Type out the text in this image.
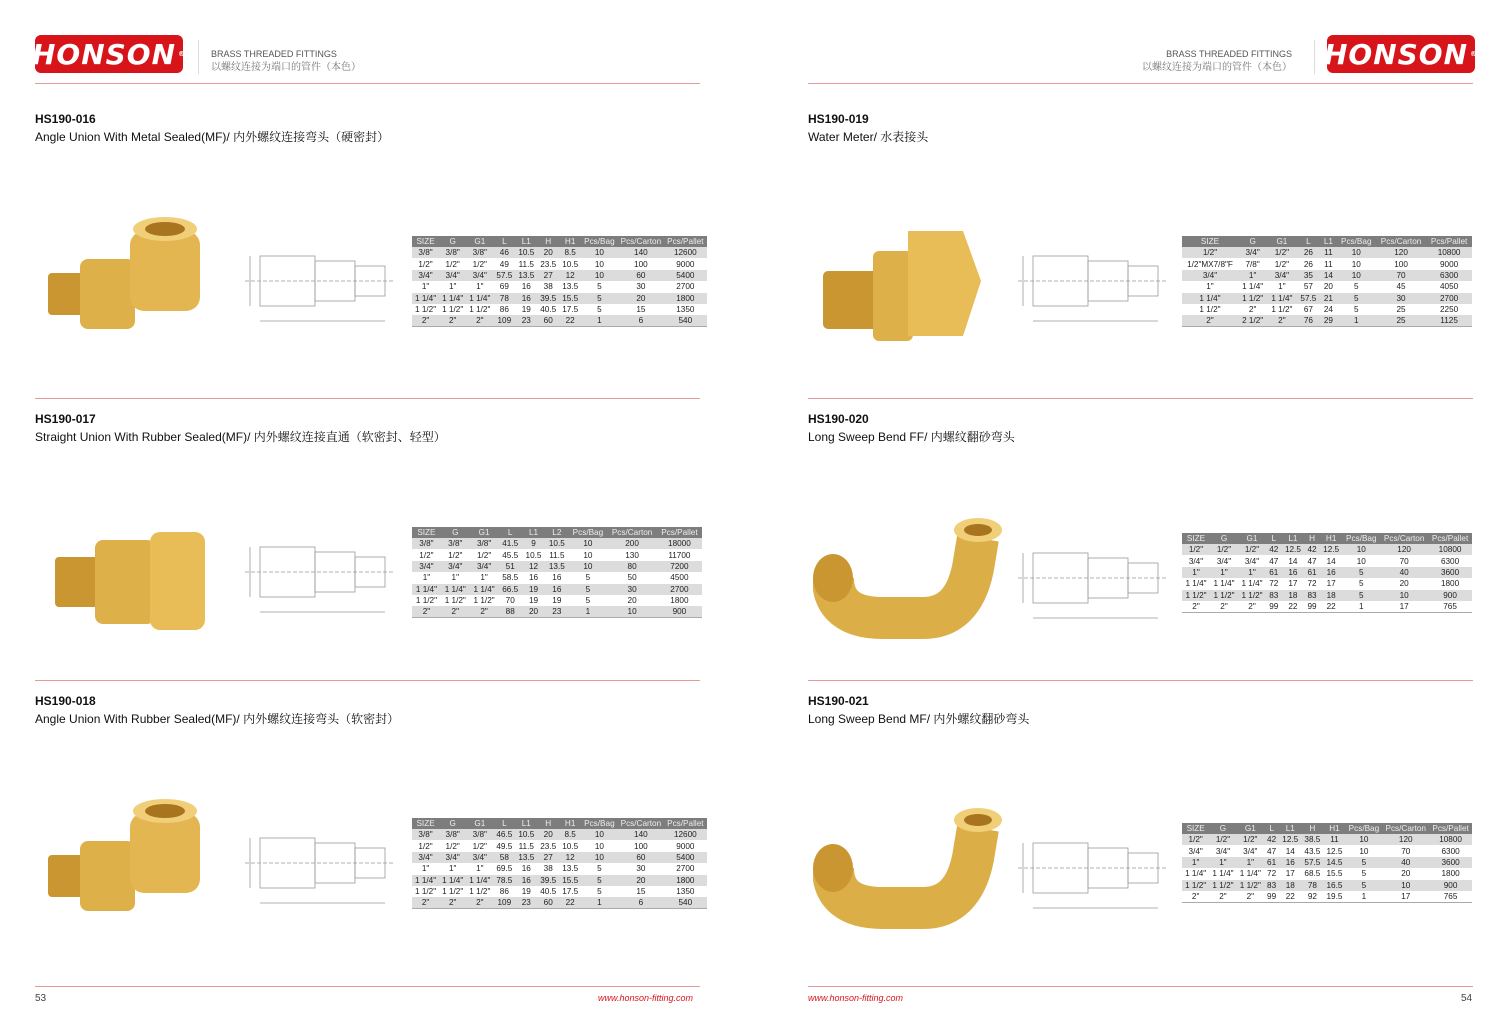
HONSON ®	BRASS THREADED FITTINGS
以螺纹连接为端口的管件（本色）
53	www.honson-fitting.com
HS190-016
Angle Union With Metal Sealed(MF)/ 内外螺纹连接弯头（硬密封）
SIZE	G	G1	L	L1	H	H1	Pcs/Bag	Pcs/Carton	Pcs/Pallet
3/8"	3/8"	3/8"	46	10.5	20	8.5	10	140	12600
1/2"	1/2"	1/2"	49	11.5	23.5	10.5	10	100	9000
3/4"	3/4"	3/4"	57.5	13.5	27	12	10	60	5400
1"	1"	1"	69	16	38	13.5	5	30	2700
1 1/4"	1 1/4"	1 1/4"	78	16	39.5	15.5	5	20	1800
1 1/2"	1 1/2"	1 1/2"	86	19	40.5	17.5	5	15	1350
2"	2"	2"	109	23	60	22	1	6	540
HS190-017
Straight Union With Rubber Sealed(MF)/ 内外螺纹连接直通（软密封、轻型）
SIZE	G	G1	L	L1	L2	Pcs/Bag	Pcs/Carton	Pcs/Pallet
3/8"	3/8"	3/8"	41.5	9	10.5	10	200	18000
1/2"	1/2"	1/2"	45.5	10.5	11.5	10	130	11700
3/4"	3/4"	3/4"	51	12	13.5	10	80	7200
1"	1"	1"	58.5	16	16	5	50	4500
1 1/4"	1 1/4"	1 1/4"	66.5	19	16	5	30	2700
1 1/2"	1 1/2"	1 1/2"	70	19	19	5	20	1800
2"	2"	2"	88	20	23	1	10	900
HS190-018
Angle Union With Rubber Sealed(MF)/ 内外螺纹连接弯头（软密封）
SIZE	G	G1	L	L1	H	H1	Pcs/Bag	Pcs/Carton	Pcs/Pallet
3/8"	3/8"	3/8"	46.5	10.5	20	8.5	10	140	12600
1/2"	1/2"	1/2"	49.5	11.5	23.5	10.5	10	100	9000
3/4"	3/4"	3/4"	58	13.5	27	12	10	60	5400
1"	1"	1"	69.5	16	38	13.5	5	30	2700
1 1/4"	1 1/4"	1 1/4"	78.5	16	39.5	15.5	5	20	1800
1 1/2"	1 1/2"	1 1/2"	86	19	40.5	17.5	5	15	1350
2"	2"	2"	109	23	60	22	1	6	540
BRASS THREADED FITTINGS
以螺纹连接为端口的管件（本色） HONSON ®
www.honson-fitting.com	54
HS190-019
Water Meter/ 水表接头
SIZE	G	G1	L	L1	Pcs/Bag	Pcs/Carton	Pcs/Pallet
1/2"	3/4"	1/2"	26	11	10	120	10800
1/2"MX7/8"F	7/8"	1/2"	26	11	10	100	9000
3/4"	1"	3/4"	35	14	10	70	6300
1"	1 1/4"	1"	57	20	5	45	4050
1 1/4"	1 1/2"	1 1/4"	57.5	21	5	30	2700
1 1/2"	2"	1 1/2"	67	24	5	25	2250
2"	2 1/2"	2"	76	29	1	25	1125
HS190-020
Long Sweep Bend FF/ 内螺纹翻砂弯头
SIZE	G	G1	L	L1	H	H1	Pcs/Bag	Pcs/Carton	Pcs/Pallet
1/2"	1/2"	1/2"	42	12.5	42	12.5	10	120	10800
3/4"	3/4"	3/4"	47	14	47	14	10	70	6300
1"	1"	1"	61	16	61	16	5	40	3600
1 1/4"	1 1/4"	1 1/4"	72	17	72	17	5	20	1800
1 1/2"	1 1/2"	1 1/2"	83	18	83	18	5	10	900
2"	2"	2"	99	22	99	22	1	17	765
HS190-021
Long Sweep Bend MF/ 内外螺纹翻砂弯头
SIZE	G	G1	L	L1	H	H1	Pcs/Bag	Pcs/Carton	Pcs/Pallet
1/2"	1/2"	1/2"	42	12.5	38.5	11	10	120	10800
3/4"	3/4"	3/4"	47	14	43.5	12.5	10	70	6300
1"	1"	1"	61	16	57.5	14.5	5	40	3600
1 1/4"	1 1/4"	1 1/4"	72	17	68.5	15.5	5	20	1800
1 1/2"	1 1/2"	1 1/2"	83	18	78	16.5	5	10	900
2"	2"	2"	99	22	92	19.5	1	17	765
